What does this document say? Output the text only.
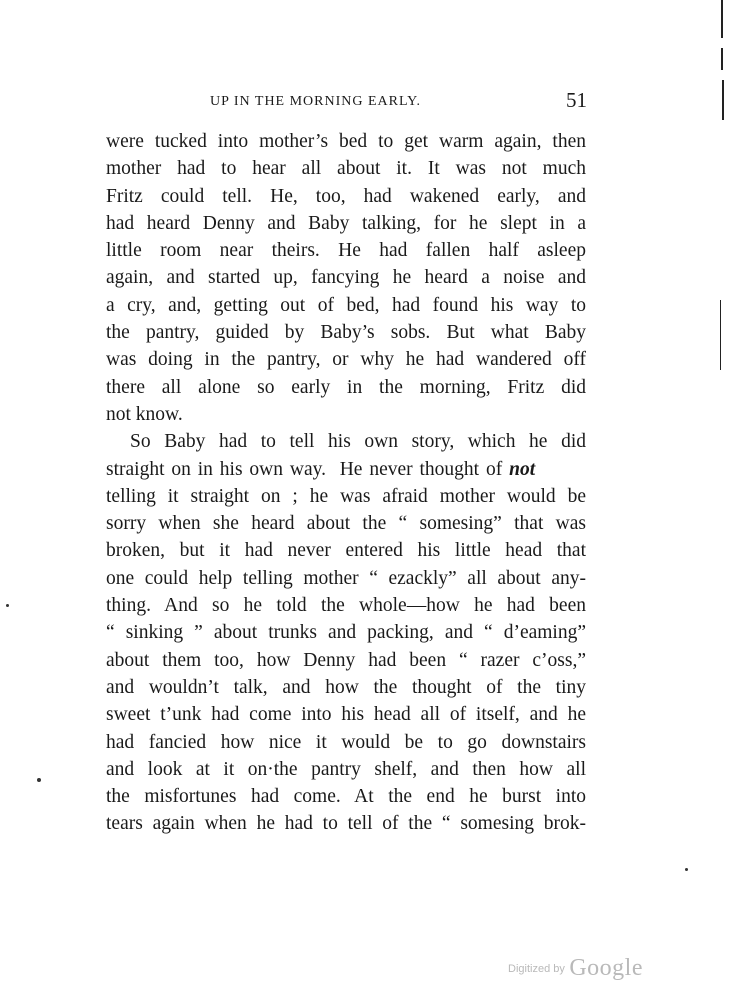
UP IN THE MORNING EARLY.	51
were tucked into mother’s bed to get warm again, then
mother had to hear all about it. It was not much
Fritz could tell. He, too, had wakened early, and
had heard Denny and Baby talking, for he slept in a
little room near theirs. He had fallen half asleep
again, and started up, fancying he heard a noise and
a cry, and, getting out of bed, had found his way to
the pantry, guided by Baby’s sobs. But what Baby
was doing in the pantry, or why he had wandered off
there all alone so early in the morning, Fritz did
not know.
So Baby had to tell his own story, which he did
straight on in his own way.  He never thought of not
telling it straight on ; he was afraid mother would be
sorry when she heard about the “ somesing” that was
broken, but it had never entered his little head that
one could help telling mother “ ezackly” all about any-
thing. And so he told the whole—how he had been
“ sinking ” about trunks and packing, and “ d’eaming”
about them too, how Denny had been “ razer c’oss,”
and wouldn’t talk, and how the thought of the tiny
sweet t’unk had come into his head all of itself, and he
had fancied how nice it would be to go downstairs
and look at it on·the pantry shelf, and then how all
the misfortunes had come. At the end he burst into
tears again when he had to tell of the “ somesing brok-
Digitized by Google
